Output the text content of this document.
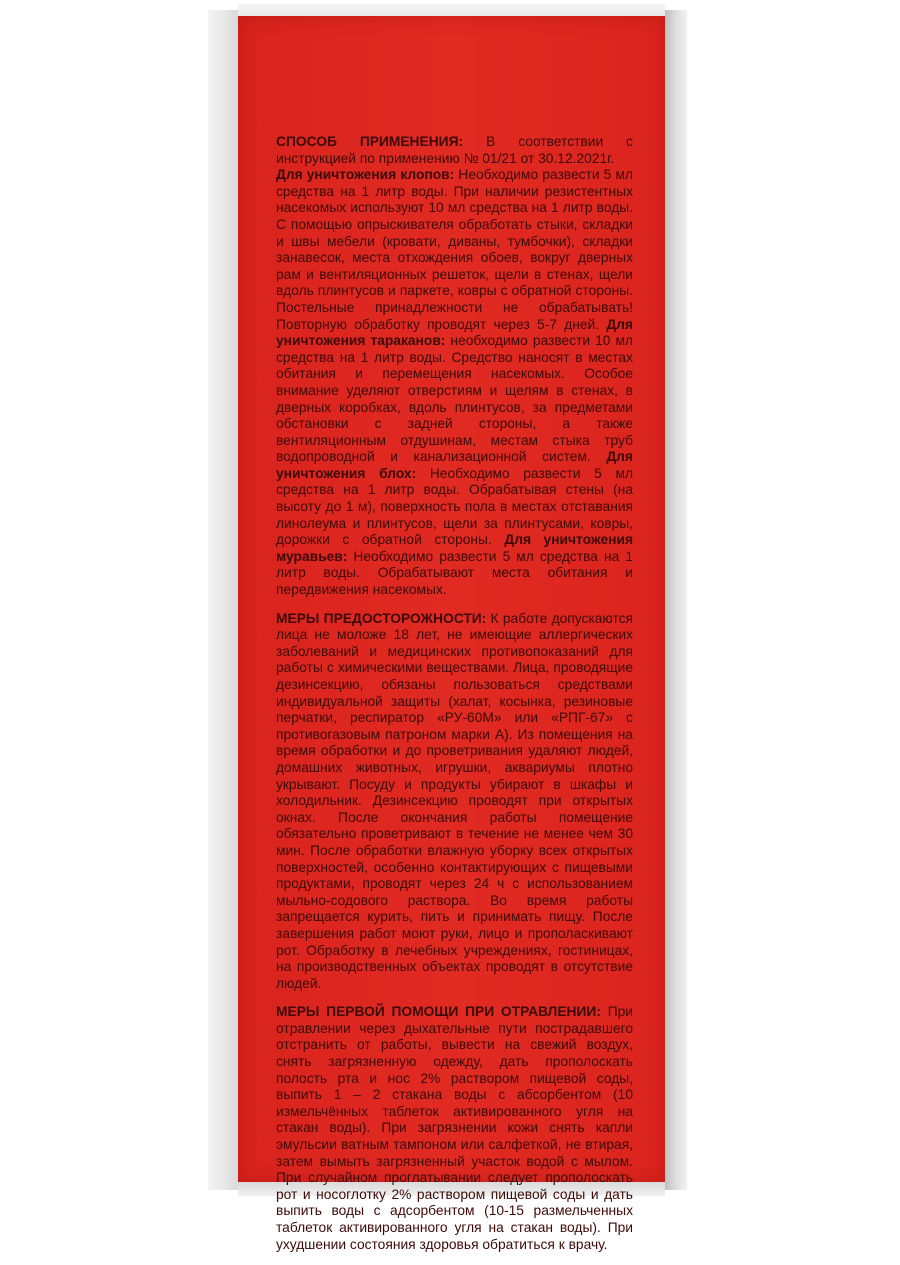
СПОСОБ ПРИМЕНЕНИЯ: В соответствии с инструкцией по применению № 01/21 от 30.12.2021г.
Для уничтожения клопов: Необходимо развести 5 мл средства на 1 литр воды. При наличии резистентных насекомых используют 10 мл средства на 1 литр воды. С помощью опрыскивателя обработать стыки, складки и швы мебели (кровати, диваны, тумбочки), складки занавесок, места отхождения обоев, вокруг дверных рам и вентиляционных решеток, щели в стенах, щели вдоль плинтусов и паркете, ковры с обратной стороны. Постельные принадлежности не обрабатывать! Повторную обработку проводят через 5-7 дней. Для уничтожения тараканов: необходимо развести 10 мл средства на 1 литр воды. Средство наносят в местах обитания и перемещения насекомых. Особое внимание уделяют отверстиям и щелям в стенах, в дверных коробках, вдоль плинтусов, за предметами обстановки с задней стороны, а также вентиляционным отдушинам, местам стыка труб водопроводной и канализационной систем. Для уничтожения блох: Необходимо развести 5 мл средства на 1 литр воды. Обрабатывая стены (на высоту до 1 м), поверхность пола в местах отставания линолеума и плинтусов, щели за плинтусами, ковры, дорожки с обратной стороны. Для уничтожения муравьев: Необходимо развести 5 мл средства на 1 литр воды. Обрабатывают места обитания и передвижения насекомых.

МЕРЫ ПРЕДОСТОРОЖНОСТИ: К работе допускаются лица не моложе 18 лет, не имеющие аллергических заболеваний и медицинских противопоказаний для работы с химическими веществами. Лица, проводящие дезинсекцию, обязаны пользоваться средствами индивидуальной защиты (халат, косынка, резиновые перчатки, респиратор «РУ-60М» или «РПГ-67» с противогазовым патроном марки А). Из помещения на время обработки и до проветривания удаляют людей, домашних животных, игрушки, аквариумы плотно укрывают. Посуду и продукты убирают в шкафы и холодильник. Дезинсекцию проводят при открытых окнах. После окончания работы помещение обязательно проветривают в течение не менее чем 30 мин. После обработки влажную уборку всех открытых поверхностей, особенно контактирующих с пищевыми продуктами, проводят через 24 ч с использованием мыльно-содового раствора. Во время работы запрещается курить, пить и принимать пищу. После завершения работ моют руки, лицо и прополаскивают рот. Обработку в лечебных учреждениях, гостиницах, на производственных объектах проводят в отсутствие людей.

МЕРЫ ПЕРВОЙ ПОМОЩИ ПРИ ОТРАВЛЕНИИ: При отравлении через дыхательные пути пострадавшего отстранить от работы, вывести на свежий воздух, снять загрязненную одежду, дать прополоскать полость рта и нос 2% раствором пищевой соды, выпить 1 – 2 стакана воды с абсорбентом (10 измельчённых таблеток активированного угля на стакан воды). При загрязнении кожи снять капли эмульсии ватным тампоном или салфеткой, не втирая, затем вымыть загрязненный участок водой с мылом. При случайном проглатывании следует прополоскать рот и носоглотку 2% раствором пищевой соды и дать выпить воды с адсорбентом (10-15 размельченных таблеток активированного угля на стакан воды). При ухудшении состояния здоровья обратиться к врачу.
